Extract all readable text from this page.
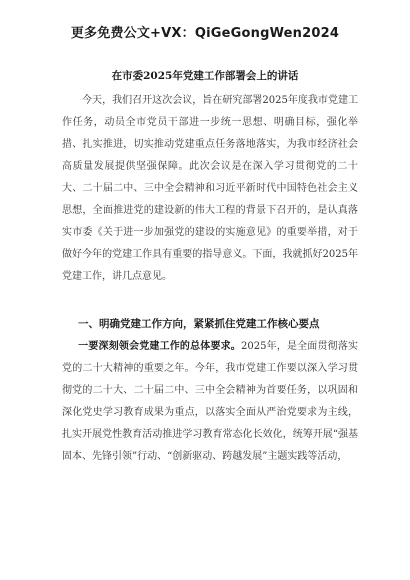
更多免费公文+VX：QiGeGongWen2024
在市委2025年党建工作部署会上的讲话
今天，我们召开这次会议，旨在研究部署2025年度我市党建工作任务，动员全市党员干部进一步统一思想、明确目标，强化举措、扎实推进，切实推动党建重点任务落地落实，为我市经济社会高质量发展提供坚强保障。此次会议是在深入学习贯彻党的二十大、二十届二中、三中全会精神和习近平新时代中国特色社会主义思想，全面推进党的建设新的伟大工程的背景下召开的，是认真落实市委《关于进一步加强党的建设的实施意见》的重要举措，对于做好今年的党建工作具有重要的指导意义。下面，我就抓好2025年党建工作，讲几点意见。
一、明确党建工作方向，紧紧抓住党建工作核心要点
一要深刻领会党建工作的总体要求。2025年，是全面贯彻落实党的二十大精神的重要之年。今年，我市党建工作要以深入学习贯彻党的二十大、二十届二中、三中全会精神为首要任务，以巩固和深化党史学习教育成果为重点，以落实全面从严治党要求为主线，扎实开展党性教育活动推进学习教育常态化长效化，统筹开展“强基固本、先锋引领”行动、“创新驱动、跨越发展”主题实践等活动，
